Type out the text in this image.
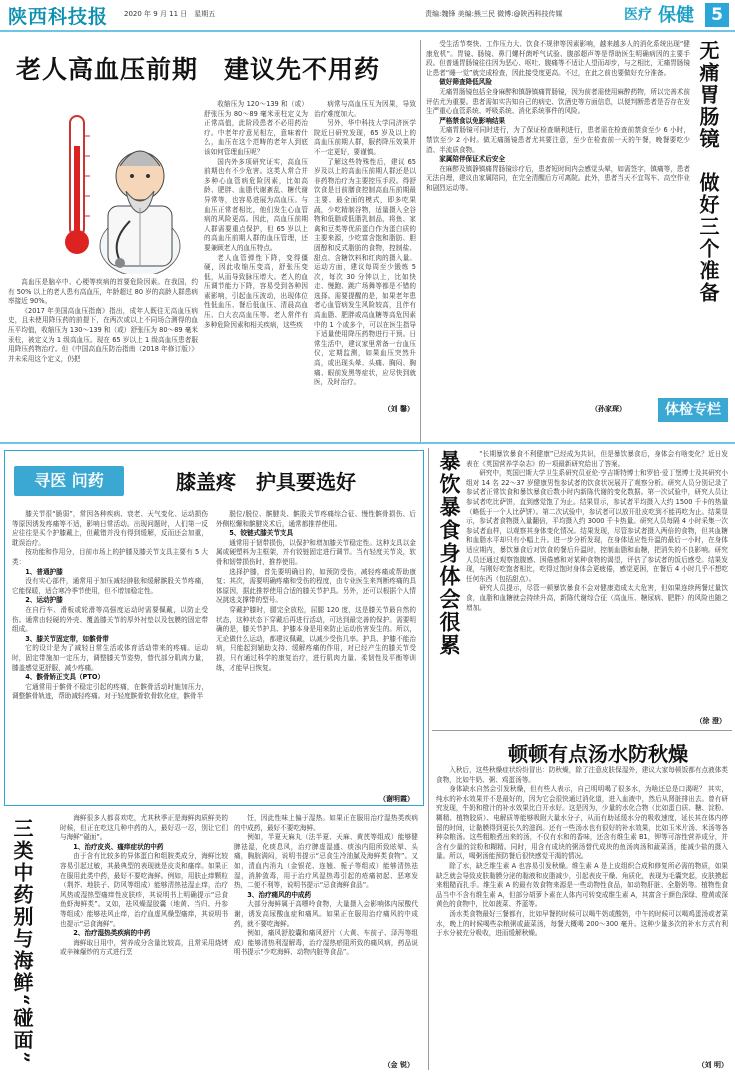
陕西科技报 2020 年 9 月 11 日　星期五	责编:魏锋 美编:熊三民 微博:@陕西科技传媒	医疗 保健	5
老人高血压前期　建议先不用药

高血压是脑卒中、心梗等疾病的首要危险因素。在我国，约有 50% 以上的老人患有高血压，年龄超过 80 岁的高龄人群患病率接近 90%。

《2017 年美国高血压指南》指出，成年人既往无高血压病史，且未使用降压药的前提下，在两次或以上不同场合测得的血压平均值，收缩压为 130～139 和（或）舒张压为 80～89 毫米汞柱，被定义为 1 级高血压。现在 65 岁以上 1 级高血压患者服用降压药物治疗。但《中国高血压防治指南（2018 年修订版）》并未采用这个定义，仍把

收缩压为 120～139 和（或）舒张压为 80～89 毫米汞柱定义为正常高值，此阶段患者不必用药治疗。中老年疗意见相左，意味着什么，血压在这个范畴的老年人到底该如何管理血压呢？

国内外多项研究证实，高血压前期也有不少危害。这类人常合并多种心血管病危险因素，比如高龄、肥胖、血脂代谢紊乱、糖代谢异常等，也容易进展为高血压。与血压正常者相比，他们发生心血管病的风险更高。因此，高血压前期人群需要重点保护，但 65 岁以上的高血压前期人群的血压管理，还要兼顾老人的血压特点。

老人血管弹性下降，变得僵硬，因此收缩压变高，舒张压变低，从而导致脉压增大。老人的血压调节能力下降，容易受到各种因素影响，引起血压波动，出现体位性低血压、餐后低血压、清晨高血压、白大衣高血压等。老人常伴有多种危险因素和相关疾病，这些疾

病常与高血压互为因果，导致治疗难度加大。

另外，华中科技大学同济医学院近日研究发现，65 岁及以上的高血压前期人群，服药降压效果并不一定更好，要谨慎。

了解这些特殊性后，建议 65 岁及以上的高血压前期人群还是以非药物治疗为主要控压手段。得舒饮食是目前膳食控制高血压前期最主要、最全面的模式，即多吃果蔬，少吃精制谷物，适量摄入全谷物和低脂或低脂乳制品，将鱼、家禽和豆类等优质蛋白作为蛋白质的主要来源，少吃富含饱和脂肪、胆固醇和反式脂肪的食物，控制盐、甜点、含糖饮料和红肉的摄入量。运动方面，建议每周至少锻炼 5 次，每次 30 分钟以上，比如快走、慢跑、跳广场舞等都是不错的选择。需要提醒的是，如果老年患者心血管病发生风险较高，且伴有高血脂、肥胖或高血糖等高危因素中的 1 个或多个，可以在医生指导下适量使用降压药物进行干预。日常生活中，建议家里常备一台血压仪，定期监测，如果血压突然升高，或出现头晕、头痛、胸闷、胸痛、眼前发黑等症状，应尽快到就医，及时治疗。

（刘 馨）

受生活节奏快、工作压力大、饮食不规律等因素影响，越来越多人的消化系统出现“健康危机”。胃镜、肠镜、鼻门螺杆菌呼气试验、腹部超声等是帮助医生明确病因的主要手段。但普通胃肠镜往往因为恶心、呕吐、腹痛等不适让人望而却步，与之相比，无痛胃肠镜让患者“睡一觉”就完成检查，因此接受度更高。不过，在此之前也要做好充分准备。

做好筛查降低风险

无痛胃肠镜包括全身麻醉和镇静镇痛胃肠镜，因为前者需使用麻醉药物，所以完善术前评估尤为重要。患者需如实告知自己的病史、饮酒史等方面信息，以便判断患者是否存在发生严重心血管系统、呼吸系统、消化系统事件的风险。

严格禁食以免影响结果

无痛胃肠镜可同时进行，为了保证检查顺利进行，患者需在检查前禁食至少 6 小时，禁饮至少 2 小时。做无痛肠镜患者尤其要注意，至少在检查前一天的午餐，晚餐要吃少渣、半流质食物。

家属陪伴保证术后安全

在麻醉及镇静镇痛胃肠镜诊疗后，患者短时间内会感觉头晕，如需签字，镇痛等，患者无法自理，建议由家属陪同，在完全清醒后方可离院。此外，患者当天不宜驾车、高空作业和剧烈运动等。

（孙家琛）
无痛胃肠镜　做好三个准备
体检专栏
寻医 问药	膝盖疼　护具要选好

膝关节很“脆弱”，常因各种疾病、衰老、天气变化、运动损伤等原因诱发疼痛等不适，影响日常活动。出现问题时，人们第一反应往往是买个护膝戴上，但戴错并没有得到缓解，反而还会加重，耽误治疗。

按功能和作用分，目前市场上的护膝及膝关节支具主要有 5 大类：

1、普通护膝

没有实心部件，通常用于加压减轻肿胀和缓解髌股关节疼痛，它能保暖，适合寒冷季节使用，但不增加稳定性。

2、运动护膝

在自行车、滑板或轮滑等高强度运动时需要佩戴，以防止受伤。通常由轻硬的外壳、覆盖膝关节的厚外衬垫以及包膜的固定带组成。

3、膝关节固定带，如髌骨带

它的设计是为了减轻日常生活或体育活动带来的疼痛。运动时，固定带施加一定压力，调整膝关节姿势，替代部分肌肉力量，膝盖感觉更舒服，减少疼痛。

4、髌骨矫正支具（PTO）

它通常用于髌骨不稳定引起的疼痛，在髌骨活动时施加压力，调整髌骨轨迹，帮助减轻疼痛。对于轻度髌骨软骨软化症，髌骨半

脱位/脱位、髌腱炎、髌股关节疼痛综合征、慢性髌骨损伤、后外侧松懈和髌腱炎术后，通常都推荐使用。

5、铰链式膝关节支具

通常用于韧带损伤，以保护和增加膝关节稳定性。这种支具以金属或硬塑料为主框架，并有铰链固定进行调节。当有轻度关节炎，软骨和韧带损伤时，推荐使用。

选择护膝，首先要明确目的，如预防受伤，减轻疼痛或帮助康复；其次，需要明确疼痛和受伤的程度，由专业医生来判断疼痛的具体原因，据此推荐使用合适的膝关节护具。另外，还可以根据个人情况挑选支撑带的型号。

穿戴护膝时，腿完全放松，屈腿 120 度，这是膝关节最自然的状态，这种状态下穿戴后再进行活动，可达到最完善的保护。需要明确的是，膝关节护具、护膝本身是用来防止运动伤害发生的。所以，无论做什么运动，都建议佩戴，以减少受伤几率。护具、护膝不能治病，只能起到辅助支持、缓解疼痛的作用，对已经产生的膝关节受损，只有通过科学的康复治疗，进行肌肉力量、柔韧性及平衡等训练，才能早日恢复。

（谢明霞）
三类中药别与海鲜“碰面”	海鲜很多人都喜欢吃，尤其秋季正是海鲜肉质鲜美的时候，但正在吃这几种中药的人，最好忍一忍，别让它们与海鲜“碰面”。

1、治疗皮炎、瘙痒症状的中药

由于含有比较多的异体蛋白和组胺类成分，海鲜比较容易引起过敏，其最典型的表现就是皮炎和瘙痒。如果正在服用此类中药，最好不要吃海鲜。例如，用肤止痒颗粒（荆芥、地肤子、防风等组成）能够清热祛湿止痒，治疗风热或湿热型瘙痒性皮肤疹，其说明书上明确提示“忌食鱼虾海鲜类”。又如，祛风燥湿胶囊（地黄、当归、丹参等组成）能够祛风止痒，治疗血虚风燥型瘙痒，其说明书也提示“忌食海鲜”。

2、治疗湿热类疾病的中药

海鲜取日用中，营养成分含量比较高，且常采用烧烤或辛辣爆炒的方式进行烹

饪，因此性味上偏于湿热。如果正在服用治疗湿热类疾病的中成药，最好不要吃海鲜。

例如，半夏天麻丸（法半夏、天麻、黄芪等组成）能够健脾祛湿，化痰息风，治疗脾虚湿盛、痰浊内阻所致眩晕、头痛，胸脘满闷，说明书提示“忌食生冷油腻及海鲜类食物”。又如，清血内消丸（金银花、连翘、栀子等组成）能够清热祛湿，消肿敛毒，用于治疗风湿热毒引起的疮痛初起、恶寒发热，二便不利等，说明书提示“忌食海鲜食品”。

3、治疗痛风的中成药

大部分海鲜属于高嘌呤食物，大量摄入会影响体内尿酸代谢，诱发高尿酸血症和痛风。如果正在服用治疗痛风的中成药，就不要吃海鲜。

例如，痛风舒胶囊和痛风舒片（大黄、车前子、泽泻等组成）能够清热利湿解毒，治疗湿热瘀阻所致的痛风病，药品说明书提示“少吃海鲜、动物内脏等食品”。

（金 锐）
暴饮暴食身体会很累	“长期暴饮暴食不利健康”已经成为共识，但是暴饮暴食后，身体会有啥变化？近日发表在《英国营养学杂志》的一项最新研究给出了答案。

研究中，英国巴斯大学卫生系研究员亚伦·亨吉斯特博士和罗伯·爱丁堡博士及其研究小组对 14 名 22～37 岁健康男性参试者的饮食状况展开了观察分析。研究人员分别记录了参试者正常饮食和暴饮暴食后数小时内新陈代谢的变化数据。第一次试验中，研究人员让参试者吃比萨饼，直到感觉饱了为止。结果显示，参试者平均摄入大约 1500 千卡的热量（略低于一个人比萨饼）。第二次试验中，参试者可以放开肚皮吃到不能再吃为止。结果显示，参试者食物摄入量翻倍，平均摄入约 3000 千卡热量。研究人员每隔 4 小时采集一次参试者血样，以观察其身体变化情况。结果发现，尽管参试者摄入两倍的食物，但其血糖和血脂水平却只有小幅上升。进一步分析发现，在身体适应性升温的最后一小时，在身体适应期内，暴饮暴食后对饮食的餐后升温时，控制血脂和血糖，把消失的不良影响。研究人员还通过观察饱腹感、困倦感和对某种食物的渴望，评估了参试者的饭后感受。结果发现，与刚好吃饱者相比，吃得过饱时身体会更疲倦，感觉更困，在餐后 4 小时几乎不想吃任何东西（包括甜点）。

研究人员提示，尽管一顿暴饮暴食不会对健康造成太大危害，但如果连续两餐过量饮食，血脂和血糖就会持续升高，新陈代谢综合征（高血压、糖尿病、肥胖）的风险也随之增加。

（徐 澄）
顿顿有点汤水防秋燥

入秋后，这些秋燥症状纷纷冒出：防秋燥，除了注意皮肤保湿外，建议大家每顿饭都有点液体类食物，比如牛奶、粥、鸡蛋汤等。

身体缺水自然会引发秋燥，但有些人表示，自己明明喝了很多水，为啥还总是口渴呢？ 其实，纯水的补水效果并不是最好的，因为它会很快通过消化道，进入血液中，然后从肾脏排出去。曾有研究发现，牛奶和橙汁的补水效果比白开水好。这是因为，少量的水化合物（比如蛋白质、糖、淀粉、糊精、植物胶质）、电解质等能够吸附大量水分子，从而有助延缓水分的吸收速度，延长其在体内停留的时间，让黏膜得到更长久的滋润。还有一些汤水也有很好的补水效果，比如玉米片汤、米汤等各种杂粮汤。这些粗粮煮出来的汤，不仅有水和的香味，还含有维生素 B1，钾等可溶性营养成分，并含有少量的淀粉和糊精。同时，用含有成块的粥汤替代成块的鱼汤肉汤和蔬菜汤，能减少盐的摄入量。所以，喝粥汤能预防餐后很快感觉干渴的情况。

除了水，缺乏维生素 A 也容易引发秋燥。维生素 A 是上皮组织合成和修复所必需的物质，如果缺乏就会导致皮肤黏膜分泌的黏液和皮脂减少，引起表皮干燥、角质化，表现为毛囊突起，皮肤摸起来粗糙而扎手。维生素 A 的最有效食物来源是一些动物性食品，如动物肝脏、全脂奶等。植物性食品当中不含有维生素 A，但部分胡萝卜素在人体内可转变成维生素 A，其富含于颜色深绿、橙黄或深黄色的食物中，比如菠菜、芥蓝等。

汤水类食物最好三餐都有，比如早餐的时候可以喝牛奶或酸奶，中午的时候可以喝鸡蛋汤或者菜水，晚上的时候喝些杂粮粥或蔬菜汤，每餐大概喝 200～300 毫升。这种少量多次的补水方式有利于水分被充分吸收，进而缓解秋燥。

（刘 明）
